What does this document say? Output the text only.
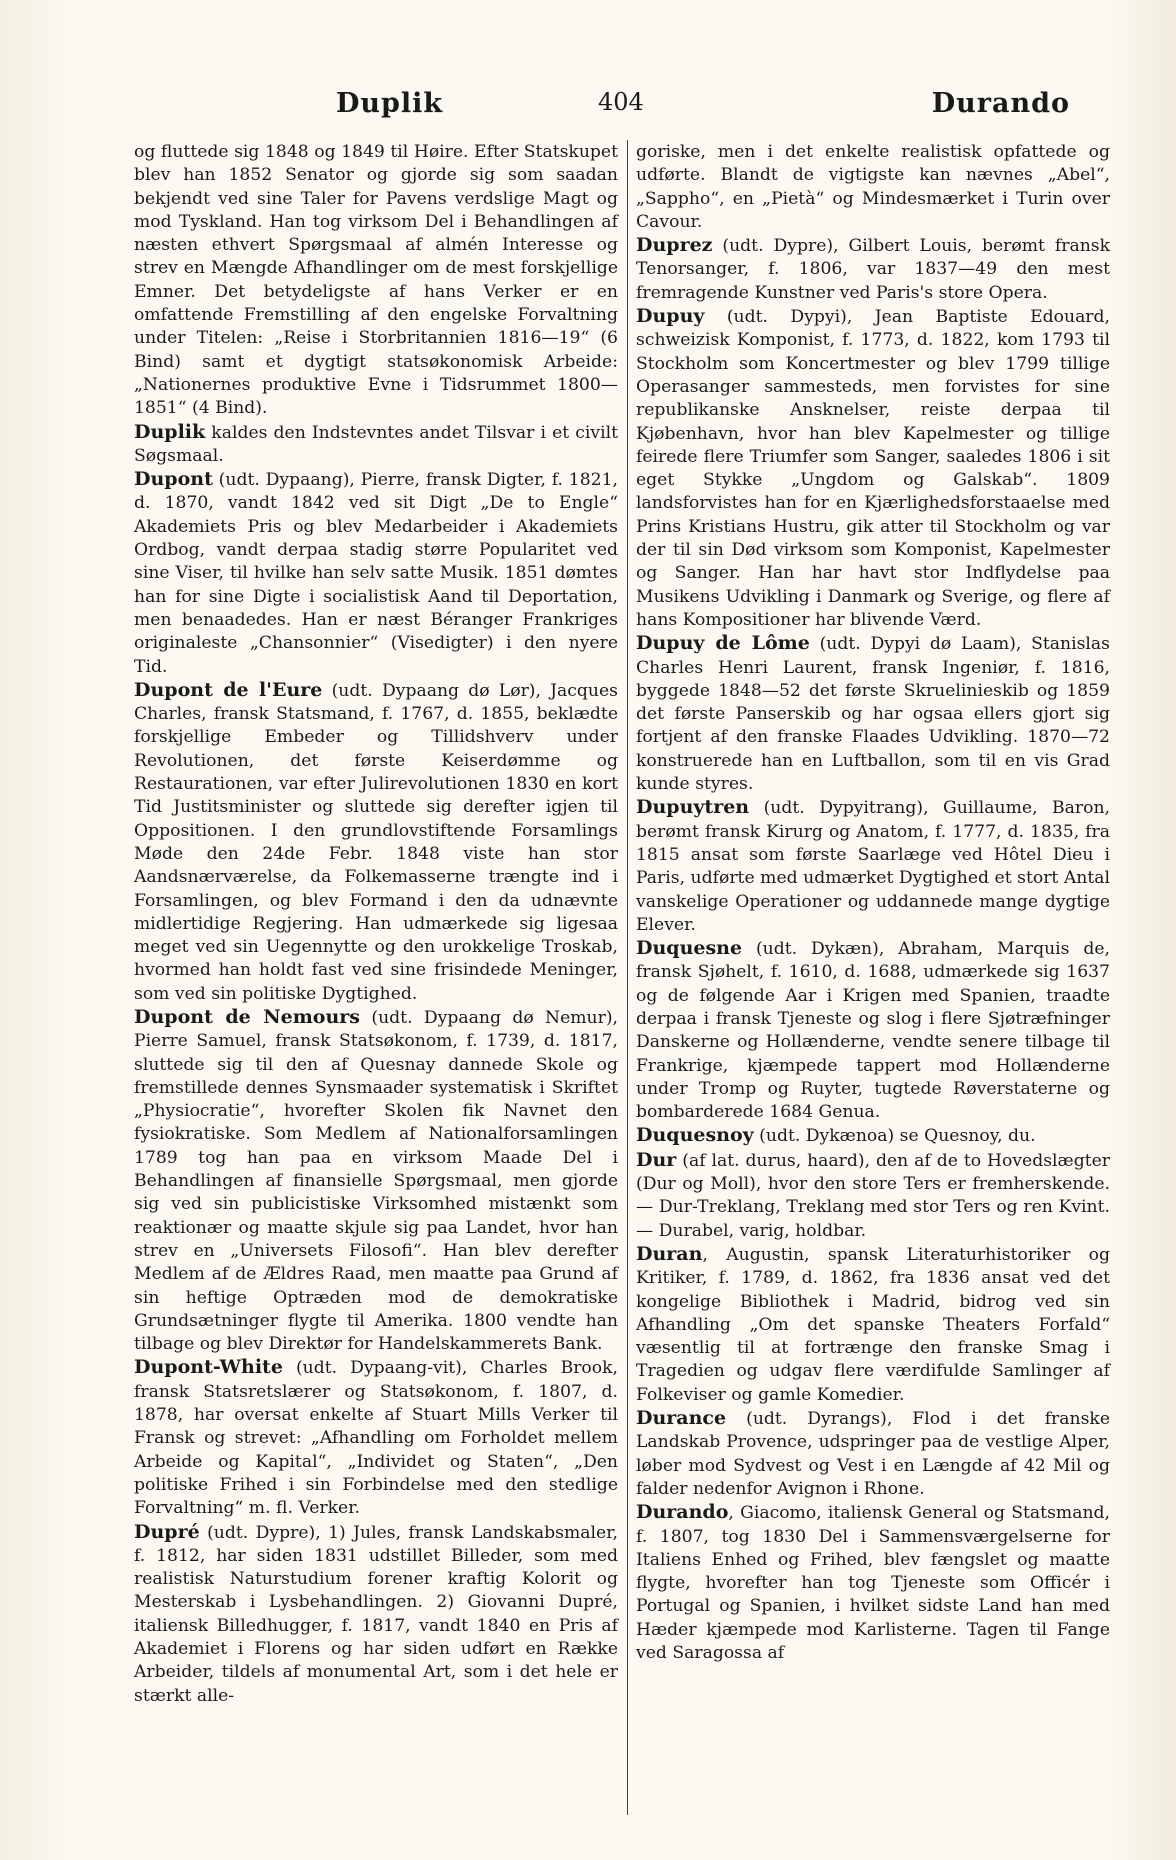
Duplik	404	Durando

og fluttede sig 1848 og 1849 til Høire. Efter Statskupet blev han 1852 Senator og gjorde sig som saadan bekjendt ved sine Taler for Pavens verdslige Magt og mod Tyskland. Han tog virksom Del i Behandlingen af næsten ethvert Spørgsmaal af almén Interesse og strev en Mængde Afhandlinger om de mest forskjellige Emner. Det betydeligste af hans Verker er en omfattende Fremstilling af den engelske Forvaltning under Titelen: „Reise i Storbritannien 1816—19“ (6 Bind) samt et dygtigt statsøkonomisk Arbeide: „Nationernes produktive Evne i Tidsrummet 1800—1851“ (4 Bind).

Duplik kaldes den Indstevntes andet Tilsvar i et civilt Søgsmaal.

Dupont (udt. Dypaang), Pierre, fransk Digter, f. 1821, d. 1870, vandt 1842 ved sit Digt „De to Engle“ Akademiets Pris og blev Medarbeider i Akademiets Ordbog, vandt derpaa stadig større Popularitet ved sine Viser, til hvilke han selv satte Musik. 1851 dømtes han for sine Digte i socialistisk Aand til Deportation, men benaadedes. Han er næst Béranger Frankriges originaleste „Chansonnier“ (Visedigter) i den nyere Tid.

Dupont de l'Eure (udt. Dypaang dø Lør), Jacques Charles, fransk Statsmand, f. 1767, d. 1855, beklædte forskjellige Embeder og Tillidshverv under Revolutionen, det første Keiserdømme og Restaurationen, var efter Julirevolutionen 1830 en kort Tid Justitsminister og sluttede sig derefter igjen til Oppositionen. I den grundlovstiftende Forsamlings Møde den 24de Febr. 1848 viste han stor Aandsnærværelse, da Folkemasserne trængte ind i Forsamlingen, og blev Formand i den da udnævnte midlertidige Regjering. Han udmærkede sig ligesaa meget ved sin Uegennytte og den urokkelige Troskab, hvormed han holdt fast ved sine frisindede Meninger, som ved sin politiske Dygtighed.

Dupont de Nemours (udt. Dypaang dø Nemur), Pierre Samuel, fransk Statsøkonom, f. 1739, d. 1817, sluttede sig til den af Quesnay dannede Skole og fremstillede dennes Synsmaader systematisk i Skriftet „Physiocratie“, hvorefter Skolen fik Navnet den fysiokratiske. Som Medlem af Nationalforsamlingen 1789 tog han paa en virksom Maade Del i Behandlingen af finansielle Spørgsmaal, men gjorde sig ved sin publicistiske Virksomhed mistænkt som reaktionær og maatte skjule sig paa Landet, hvor han strev en „Universets Filosofi“. Han blev derefter Medlem af de Ældres Raad, men maatte paa Grund af sin heftige Optræden mod de demokratiske Grundsætninger flygte til Amerika. 1800 vendte han tilbage og blev Direktør for Handelskammerets Bank.

Dupont-White (udt. Dypaang-vit), Charles Brook, fransk Statsretslærer og Statsøkonom, f. 1807, d. 1878, har oversat enkelte af Stuart Mills Verker til Fransk og strevet: „Afhandling om Forholdet mellem Arbeide og Kapital“, „Individet og Staten“, „Den politiske Frihed i sin Forbindelse med den stedlige Forvaltning“ m. fl. Verker.

Dupré (udt. Dypre), 1) Jules, fransk Landskabsmaler, f. 1812, har siden 1831 udstillet Billeder, som med realistisk Naturstudium forener kraftig Kolorit og Mesterskab i Lysbehandlingen. 2) Giovanni Dupré, italiensk Billedhugger, f. 1817, vandt 1840 en Pris af Akademiet i Florens og har siden udført en Række Arbeider, tildels af monumental Art, som i det hele er stærkt alle-

goriske, men i det enkelte realistisk opfattede og udførte. Blandt de vigtigste kan nævnes „Abel“, „Sappho“, en „Pietà“ og Mindesmærket i Turin over Cavour.

Duprez (udt. Dypre), Gilbert Louis, berømt fransk Tenorsanger, f. 1806, var 1837—49 den mest fremragende Kunstner ved Paris's store Opera.

Dupuy (udt. Dypyi), Jean Baptiste Edouard, schweizisk Komponist, f. 1773, d. 1822, kom 1793 til Stockholm som Koncertmester og blev 1799 tillige Operasanger sammesteds, men forvistes for sine republikanske Ansknelser, reiste derpaa til Kjøbenhavn, hvor han blev Kapelmester og tillige feirede flere Triumfer som Sanger, saaledes 1806 i sit eget Stykke „Ungdom og Galskab“. 1809 landsforvistes han for en Kjærlighedsforstaaelse med Prins Kristians Hustru, gik atter til Stockholm og var der til sin Død virksom som Komponist, Kapelmester og Sanger. Han har havt stor Indflydelse paa Musikens Udvikling i Danmark og Sverige, og flere af hans Kompositioner har blivende Værd.

Dupuy de Lôme (udt. Dypyi dø Laam), Stanislas Charles Henri Laurent, fransk Ingeniør, f. 1816, byggede 1848—52 det første Skruelinieskib og 1859 det første Panserskib og har ogsaa ellers gjort sig fortjent af den franske Flaades Udvikling. 1870—72 konstruerede han en Luftballon, som til en vis Grad kunde styres.

Dupuytren (udt. Dypyitrang), Guillaume, Baron, berømt fransk Kirurg og Anatom, f. 1777, d. 1835, fra 1815 ansat som første Saarlæge ved Hôtel Dieu i Paris, udførte med udmærket Dygtighed et stort Antal vanskelige Operationer og uddannede mange dygtige Elever.

Duquesne (udt. Dykæn), Abraham, Marquis de, fransk Sjøhelt, f. 1610, d. 1688, udmærkede sig 1637 og de følgende Aar i Krigen med Spanien, traadte derpaa i fransk Tjeneste og slog i flere Sjøtræfninger Danskerne og Hollænderne, vendte senere tilbage til Frankrige, kjæmpede tappert mod Hollænderne under Tromp og Ruyter, tugtede Røverstaterne og bombarderede 1684 Genua.

Duquesnoy (udt. Dykænoa) se Quesnoy, du.

Dur (af lat. durus, haard), den af de to Hovedslægter (Dur og Moll), hvor den store Ters er fremherskende. — Dur-Treklang, Treklang med stor Ters og ren Kvint. — Durabel, varig, holdbar.

Duran, Augustin, spansk Literaturhistoriker og Kritiker, f. 1789, d. 1862, fra 1836 ansat ved det kongelige Bibliothek i Madrid, bidrog ved sin Afhandling „Om det spanske Theaters Forfald“ væsentlig til at fortrænge den franske Smag i Tragedien og udgav flere værdifulde Samlinger af Folkeviser og gamle Komedier.

Durance (udt. Dyrangs), Flod i det franske Landskab Provence, udspringer paa de vestlige Alper, løber mod Sydvest og Vest i en Længde af 42 Mil og falder nedenfor Avignon i Rhone.

Durando, Giacomo, italiensk General og Statsmand, f. 1807, tog 1830 Del i Sammensværgelserne for Italiens Enhed og Frihed, blev fængslet og maatte flygte, hvorefter han tog Tjeneste som Officér i Portugal og Spanien, i hvilket sidste Land han med Hæder kjæmpede mod Karlisterne. Tagen til Fange ved Saragossa af
